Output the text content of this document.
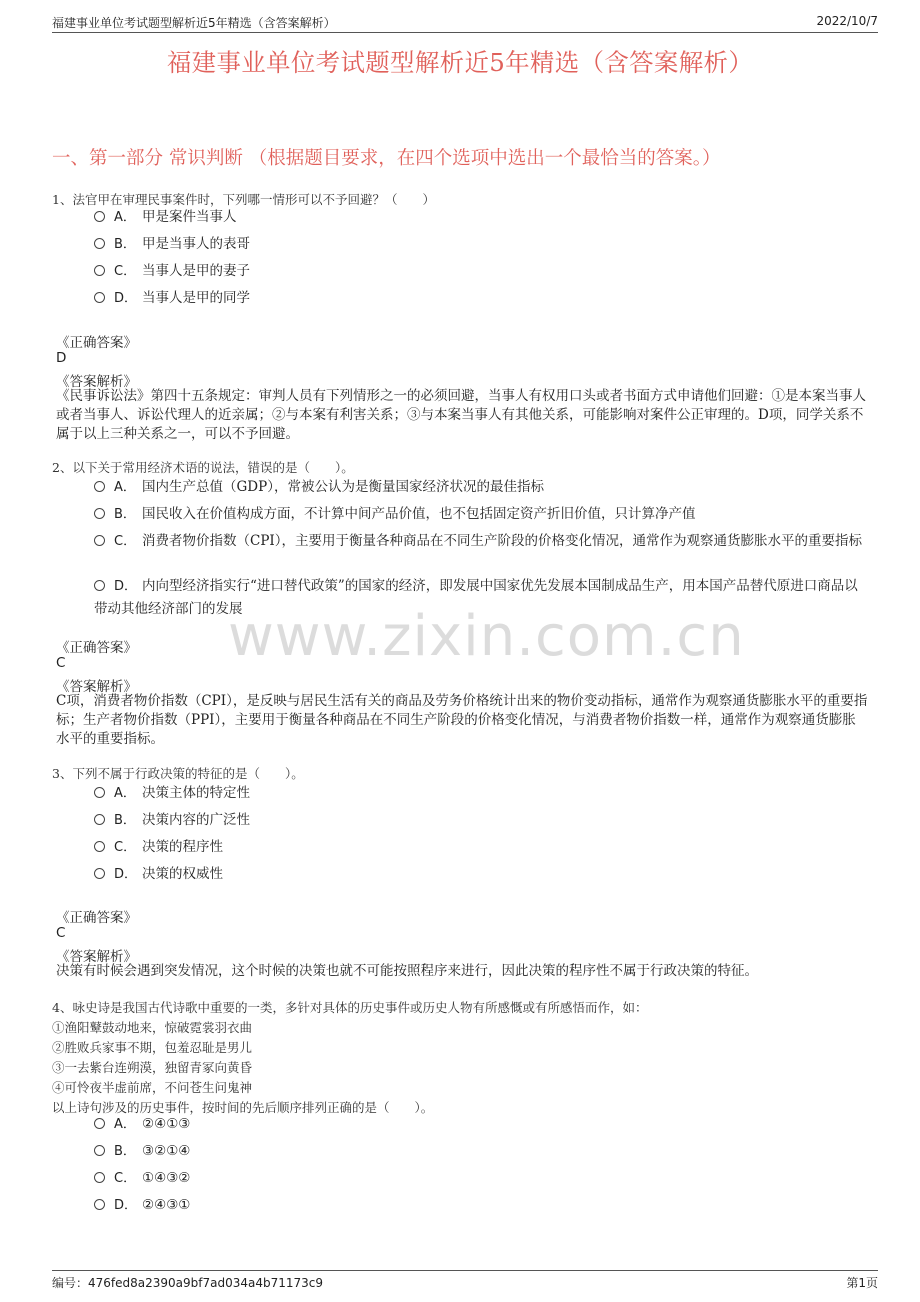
福建事业单位考试题型解析近5年精选（含答案解析）	2022/10/7
福建事业单位考试题型解析近5年精选（含答案解析）
一、第一部分 常识判断 （根据题目要求，在四个选项中选出一个最恰当的答案。）
www.zixin.com.cn
1、法官甲在审理民事案件时，下列哪一情形可以不予回避？（　　）
A． 甲是案件当事人
B． 甲是当事人的表哥
C． 当事人是甲的妻子
D． 当事人是甲的同学
《正确答案》
D
《答案解析》
《民事诉讼法》第四十五条规定：审判人员有下列情形之一的必须回避，当事人有权用口头或者书面方式申请他们回避：①是本案当事人或者当事人、诉讼代理人的近亲属；②与本案有利害关系；③与本案当事人有其他关系，可能影响对案件公正审理的。D项，同学关系不属于以上三种关系之一，可以不予回避。
2、以下关于常用经济术语的说法，错误的是（　　）。
A． 国内生产总值（GDP），常被公认为是衡量国家经济状况的最佳指标
B． 国民收入在价值构成方面，不计算中间产品价值，也不包括固定资产折旧价值，只计算净产值
C． 消费者物价指数（CPI），主要用于衡量各种商品在不同生产阶段的价格变化情况，通常作为观察通货膨胀水平的重要指标
D． 内向型经济指实行“进口替代政策”的国家的经济，即发展中国家优先发展本国制成品生产，用本国产品替代原进口商品以带动其他经济部门的发展
《正确答案》
C
《答案解析》
C项，消费者物价指数（CPI），是反映与居民生活有关的商品及劳务价格统计出来的物价变动指标，通常作为观察通货膨胀水平的重要指标；生产者物价指数（PPI），主要用于衡量各种商品在不同生产阶段的价格变化情况，与消费者物价指数一样，通常作为观察通货膨胀水平的重要指标。
3、下列不属于行政决策的特征的是（　　）。
A． 决策主体的特定性
B． 决策内容的广泛性
C． 决策的程序性
D． 决策的权威性
《正确答案》
C
《答案解析》
决策有时候会遇到突发情况，这个时候的决策也就不可能按照程序来进行，因此决策的程序性不属于行政决策的特征。
4、咏史诗是我国古代诗歌中重要的一类，多针对具体的历史事件或历史人物有所感慨或有所感悟而作，如：
①渔阳鼙鼓动地来，惊破霓裳羽衣曲
②胜败兵家事不期，包羞忍耻是男儿
③一去紫台连朔漠，独留青冢向黄昏
④可怜夜半虚前席，不问苍生问鬼神
以上诗句涉及的历史事件，按时间的先后顺序排列正确的是（　　）。
A． ②④①③
B． ③②①④
C． ①④③②
D． ②④③①
编号：476fed8a2390a9bf7ad034a4b71173c9	第1页
